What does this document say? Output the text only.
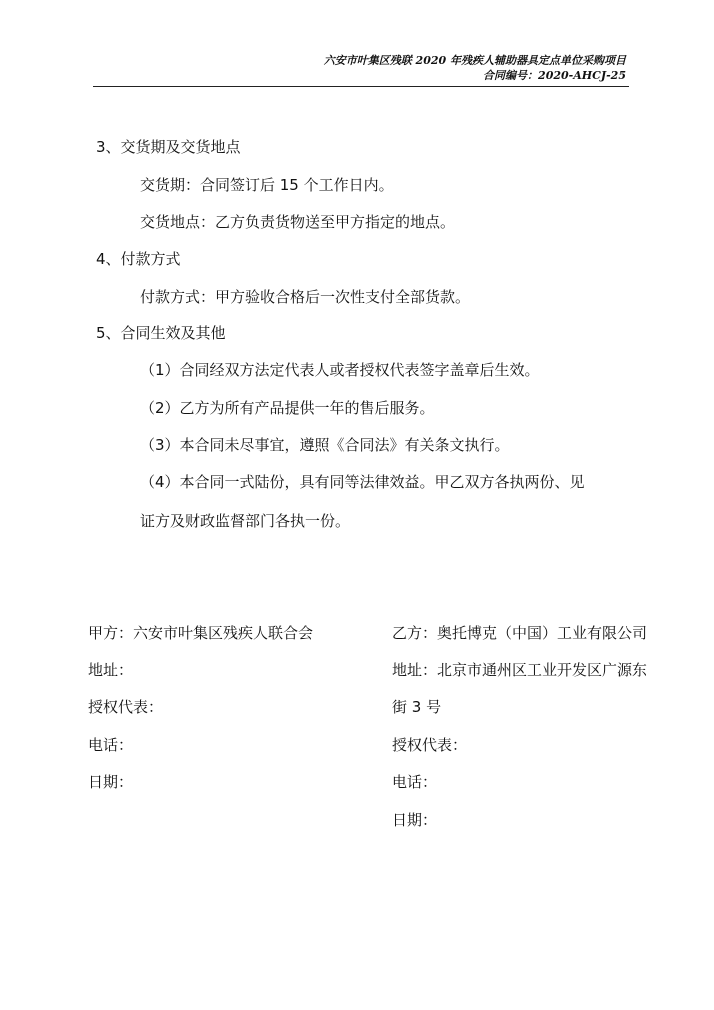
六安市叶集区残联 2020 年残疾人辅助器具定点单位采购项目
合同编号：2020-AHCJ-25
3、交货期及交货地点
交货期：合同签订后 15 个工作日内。
交货地点：乙方负责货物送至甲方指定的地点。
4、付款方式
付款方式：甲方验收合格后一次性支付全部货款。
5、合同生效及其他
（1）合同经双方法定代表人或者授权代表签字盖章后生效。
（2）乙方为所有产品提供一年的售后服务。
（3）本合同未尽事宜，遵照《合同法》有关条文执行。
（4）本合同一式陆份，具有同等法律效益。甲乙双方各执两份、见
证方及财政监督部门各执一份。
甲方：六安市叶集区残疾人联合会
地址：
授权代表：
电话：
日期：
乙方：奥托博克（中国）工业有限公司
地址：北京市通州区工业开发区广源东
街 3 号
授权代表：
电话：
日期：
